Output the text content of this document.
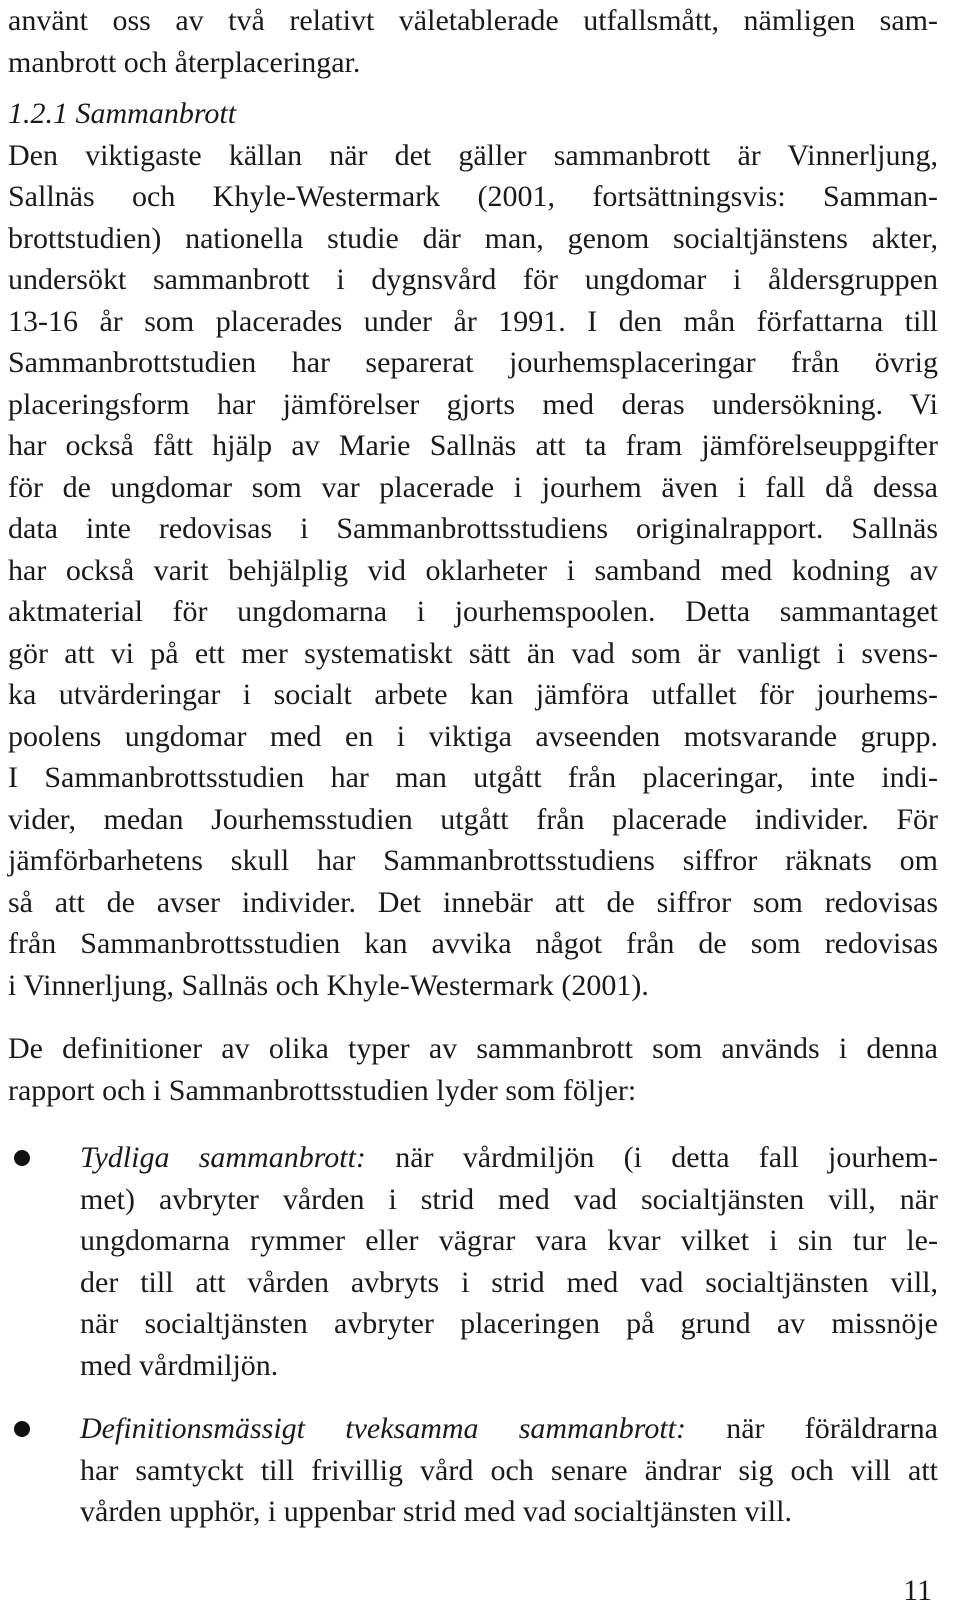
använt oss av två relativt väletablerade utfallsmått, nämligen sam-
manbrott och återplaceringar.
1.2.1 Sammanbrott
Den viktigaste källan när det gäller sammanbrott är Vinnerljung,
Sallnäs och Khyle-Westermark (2001, fortsättningsvis: Samman-
brottstudien) nationella studie där man, genom socialtjänstens akter,
undersökt sammanbrott i dygnsvård för ungdomar i åldersgruppen
13-16 år som placerades under år 1991. I den mån författarna till
Sammanbrottstudien har separerat jourhemsplaceringar från övrig
placeringsform har jämförelser gjorts med deras undersökning. Vi
har också fått hjälp av Marie Sallnäs att ta fram jämförelseuppgifter
för de ungdomar som var placerade i jourhem även i fall då dessa
data inte redovisas i Sammanbrottsstudiens originalrapport. Sallnäs
har också varit behjälplig vid oklarheter i samband med kodning av
aktmaterial för ungdomarna i jourhemspoolen. Detta sammantaget
gör att vi på ett mer systematiskt sätt än vad som är vanligt i svens-
ka utvärderingar i socialt arbete kan jämföra utfallet för jourhems-
poolens ungdomar med en i viktiga avseenden motsvarande grupp.
I Sammanbrottsstudien har man utgått från placeringar, inte indi-
vider, medan Jourhemsstudien utgått från placerade individer. För
jämförbarhetens skull har Sammanbrottsstudiens siffror räknats om
så att de avser individer. Det innebär att de siffror som redovisas
från Sammanbrottsstudien kan avvika något från de som redovisas
i Vinnerljung, Sallnäs och Khyle-Westermark (2001).
De definitioner av olika typer av sammanbrott som används i denna
rapport och i Sammanbrottsstudien lyder som följer:
Tydliga sammanbrott: när vårdmiljön (i detta fall jourhem-
met) avbryter vården i strid med vad socialtjänsten vill, när
ungdomarna rymmer eller vägrar vara kvar vilket i sin tur le-
der till att vården avbryts i strid med vad socialtjänsten vill,
när socialtjänsten avbryter placeringen på grund av missnöje
med vårdmiljön.
Definitionsmässigt tveksamma sammanbrott: när föräldrarna
har samtyckt till frivillig vård och senare ändrar sig och vill att
vården upphör, i uppenbar strid med vad socialtjänsten vill.
11
